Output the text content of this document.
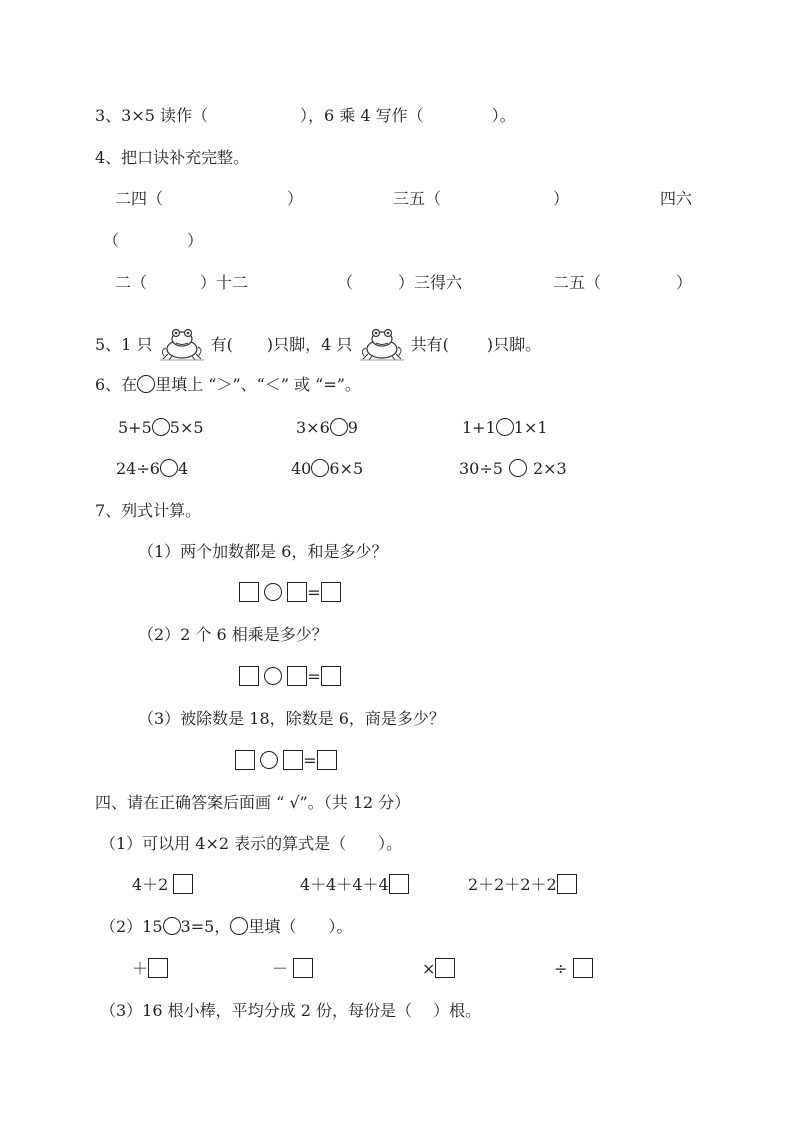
3、3×5 读作（	），6 乘 4 写作（	）。
4、把口诀补充完整。
二四（	）	三五（	）	四六
（	）
二（	）十二	（	）三得六	二五（	）
5、1 只	有( )只脚，4 只	共有( )只脚。
6、在 里填上 “＞”、“＜” 或 “=”。
5+5 5×5	3×6 9	1+1 1×1
24÷6 4	40 6×5	30÷5 2×3
7、列式计算。
（1）两个加数都是 6，和是多少？
=
（2）2 个 6 相乘是多少？
=
（3）被除数是 18，除数是 6，商是多少？
=
四、请在正确答案后面画 “ √”。（共 12 分）
（1）可以用 4×2 表示的算式是（　　）。
4＋2	4＋4＋4＋4	2＋2＋2＋2
（2）15 3=5， 里填（　　）。
＋	－	×	÷
（3）16 根小棒，平均分成 2 份，每份是（　 ）根。
